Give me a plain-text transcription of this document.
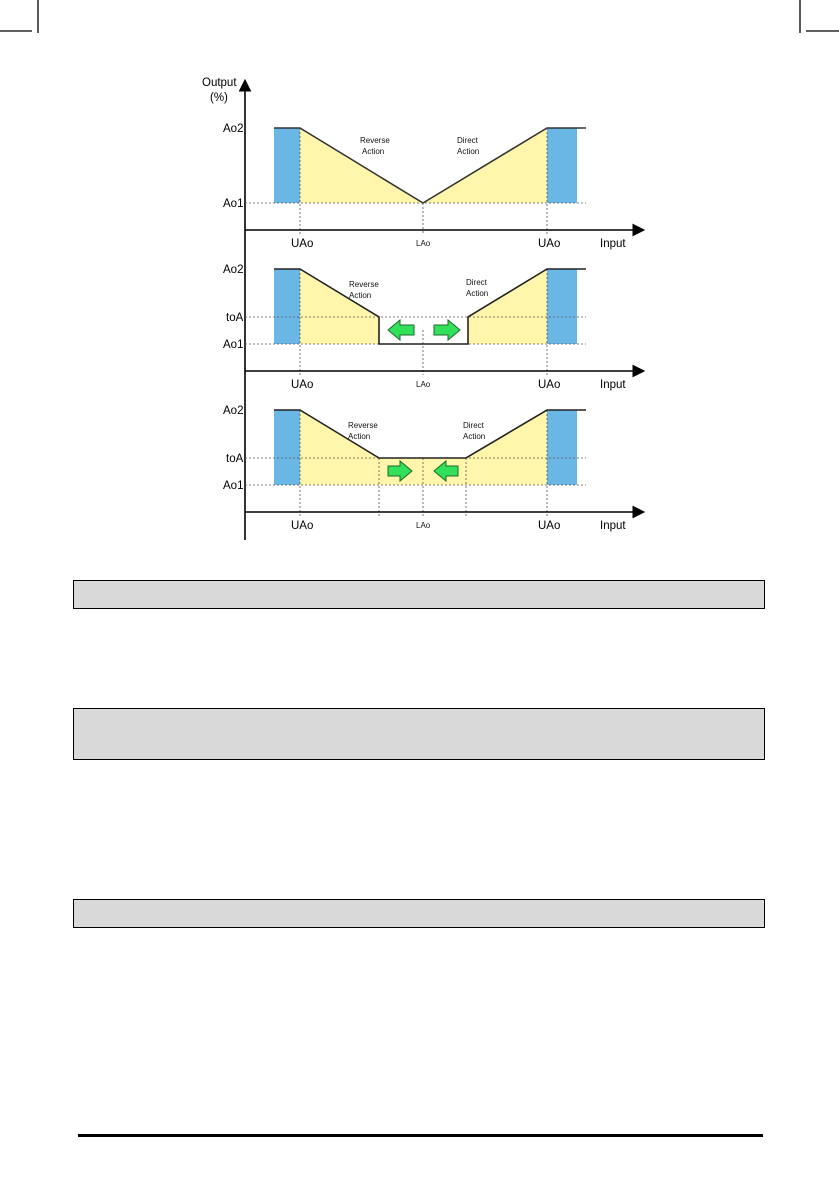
Output
(%)
Ao2
Ao1
Reverse
Action
Direct
Action
UAo	LAo	UAo	Input
Ao2
toA
Ao1
Reverse
Action
Direct
Action
UAo	LAo	UAo	Input
Ao2
toA
Ao1
Reverse
Action
Direct
Action
UAo	LAo	UAo	Input
